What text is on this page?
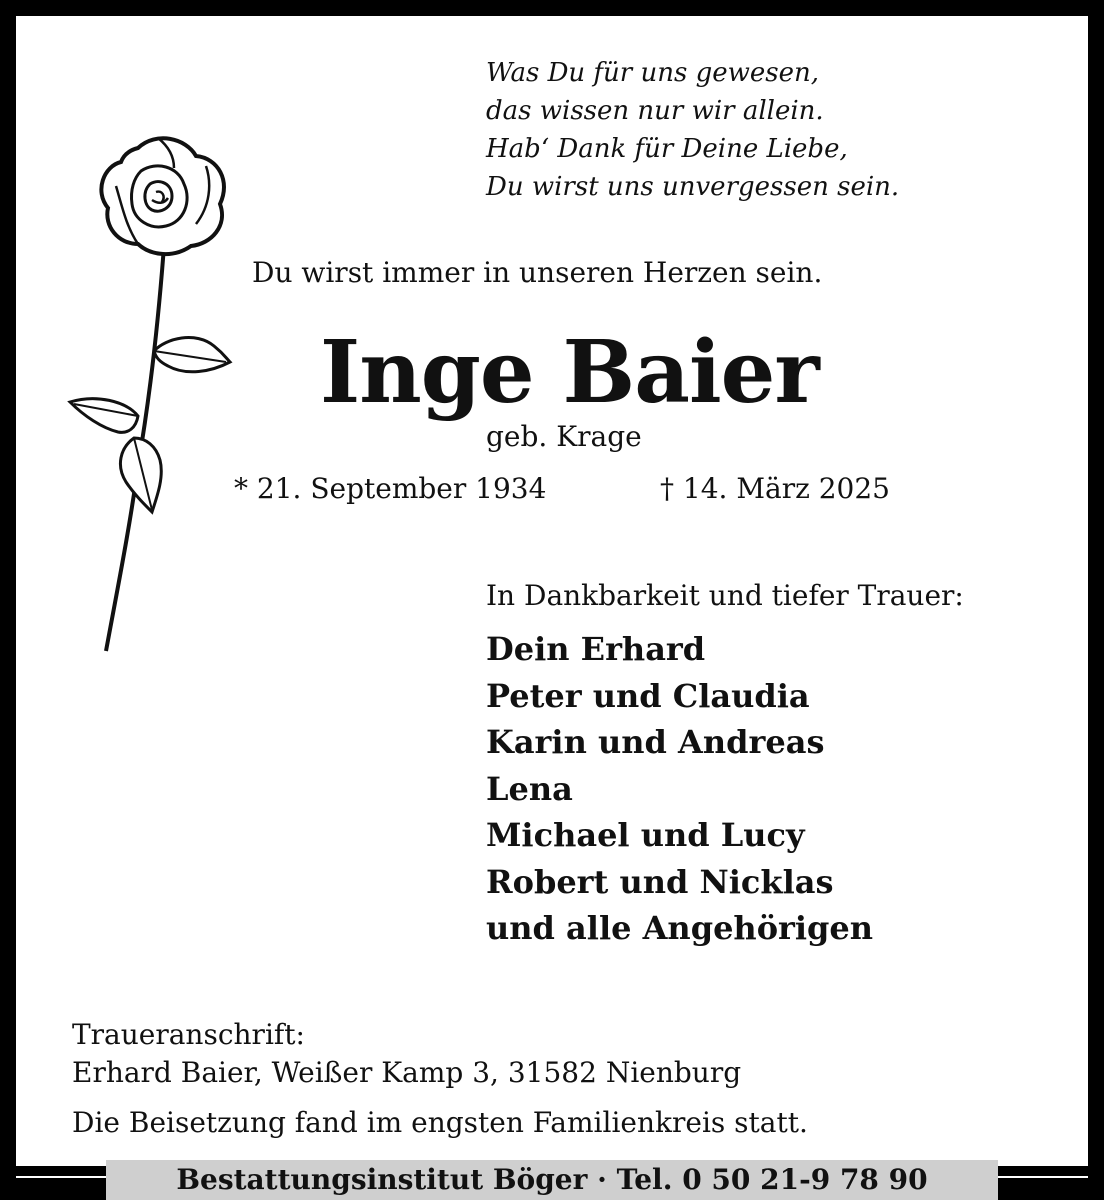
Was Du für uns gewesen,
das wissen nur wir allein.
Hab‘ Dank für Deine Liebe,
Du wirst uns unvergessen sein.
Du wirst immer in unseren Herzen sein.
Inge Baier
geb. Krage
* 21. September 1934	† 14. März 2025
In Dankbarkeit und tiefer Trauer:
Dein Erhard
Peter und Claudia
Karin und Andreas
Lena
Michael und Lucy
Robert und Nicklas
und alle Angehörigen
Traueranschrift:
Erhard Baier, Weißer Kamp 3, 31582 Nienburg
Die Beisetzung fand im engsten Familienkreis statt.
Bestattungsinstitut Böger · Tel. 0 50 21-9 78 90
